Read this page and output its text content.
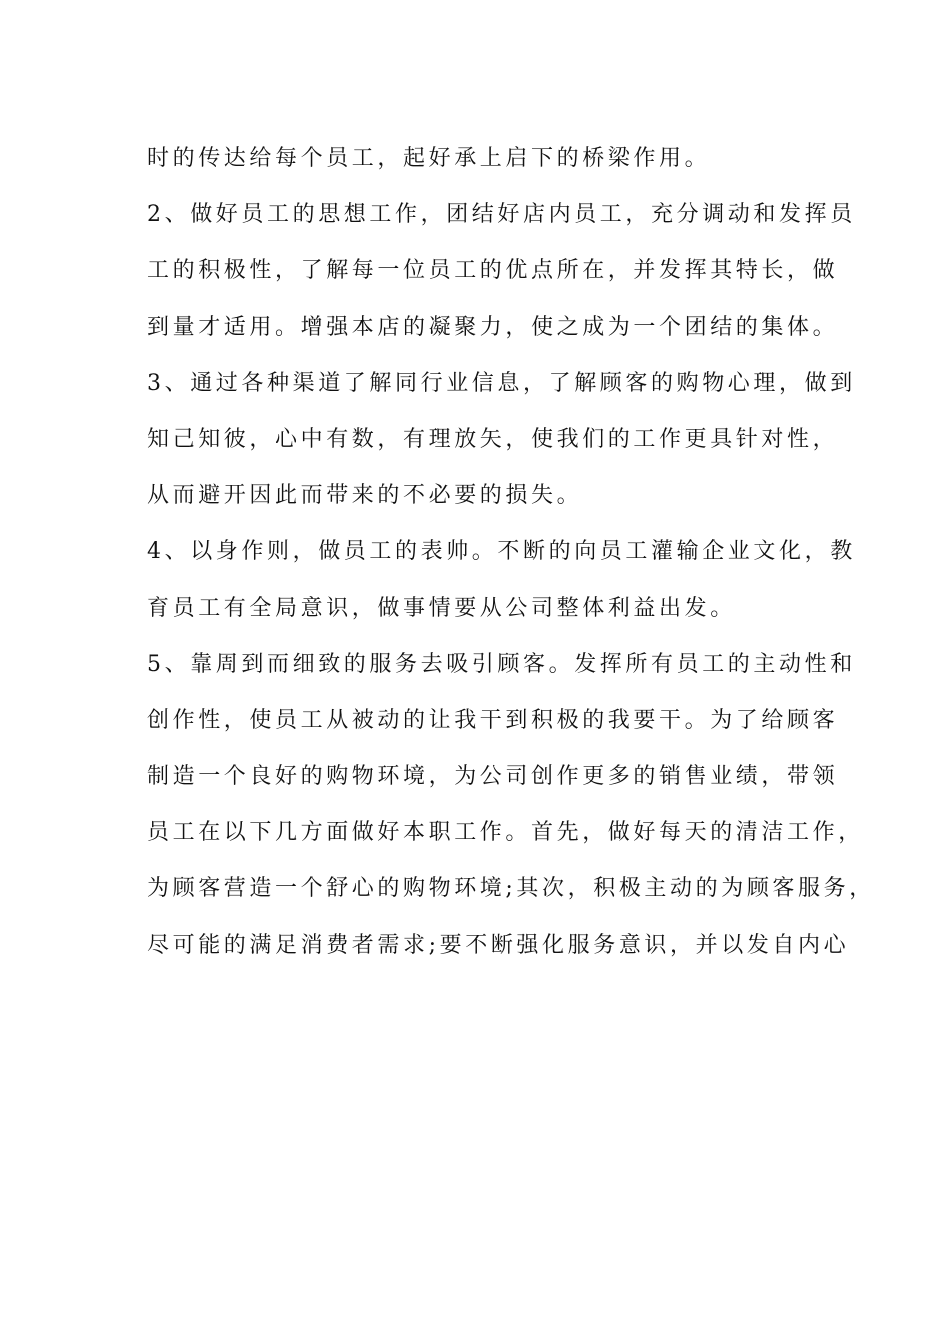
时的传达给每个员工，起好承上启下的桥梁作用。
2、做好员工的思想工作，团结好店内员工，充分调动和发挥员
工的积极性，了解每一位员工的优点所在，并发挥其特长，做
到量才适用。增强本店的凝聚力，使之成为一个团结的集体。
3、通过各种渠道了解同行业信息，了解顾客的购物心理，做到
知己知彼，心中有数，有理放矢，使我们的工作更具针对性，
从而避开因此而带来的不必要的损失。
4、以身作则，做员工的表帅。不断的向员工灌输企业文化，教
育员工有全局意识，做事情要从公司整体利益出发。
5、靠周到而细致的服务去吸引顾客。发挥所有员工的主动性和
创作性，使员工从被动的让我干到积极的我要干。为了给顾客
制造一个良好的购物环境，为公司创作更多的销售业绩，带领
员工在以下几方面做好本职工作。首先，做好每天的清洁工作，
为顾客营造一个舒心的购物环境;其次，积极主动的为顾客服务，
尽可能的满足消费者需求;要不断强化服务意识，并以发自内心
